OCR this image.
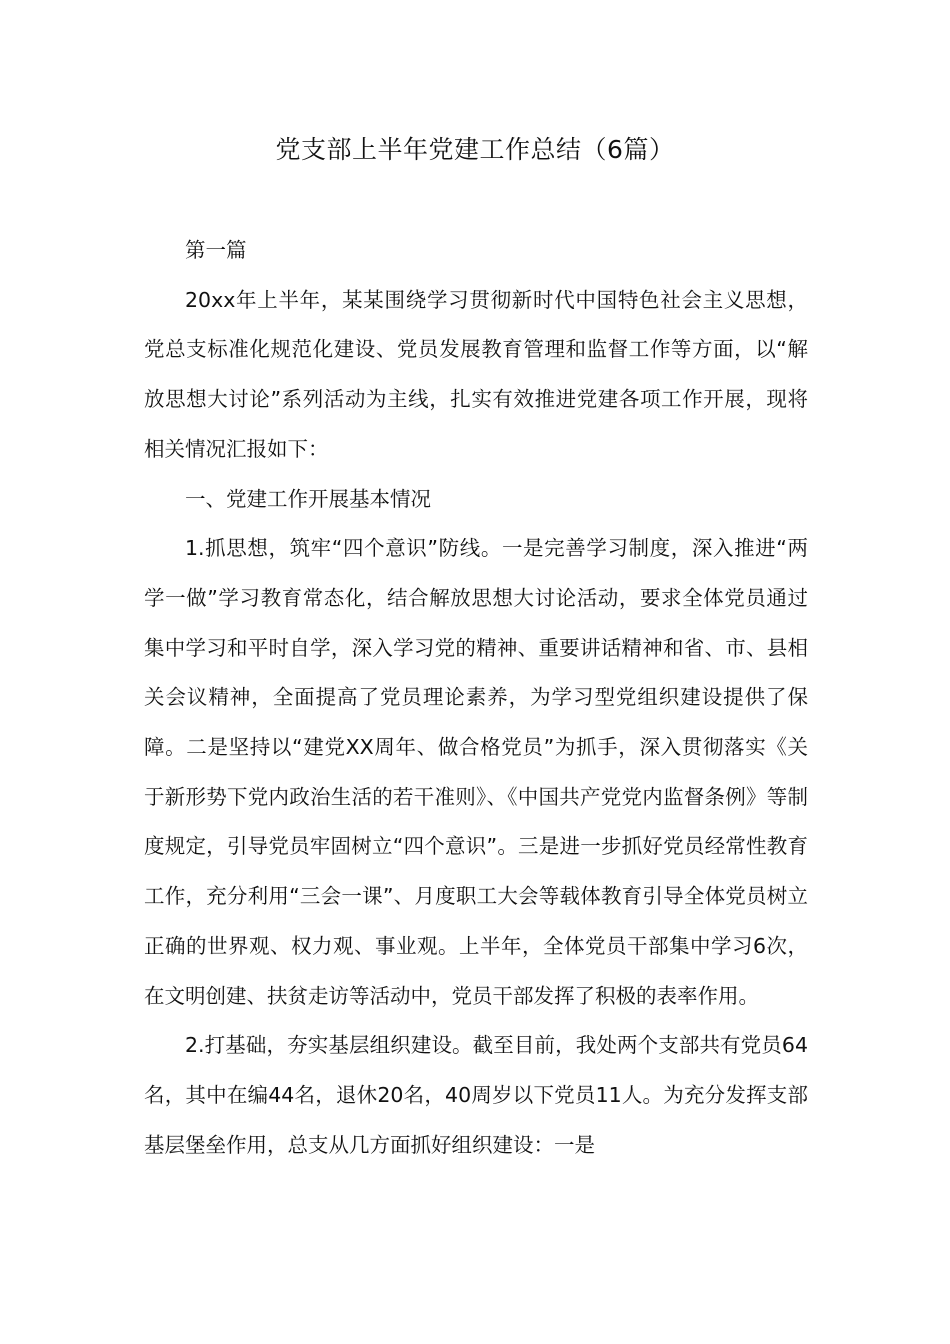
党支部上半年党建工作总结（6篇）

第一篇

20xx年上半年，某某围绕学习贯彻新时代中国特色社会主义思想，党总支标准化规范化建设、党员发展教育管理和监督工作等方面，以“解放思想大讨论”系列活动为主线，扎实有效推进党建各项工作开展，现将相关情况汇报如下：

一、党建工作开展基本情况

1.抓思想，筑牢“四个意识”防线。一是完善学习制度，深入推进“两学一做”学习教育常态化，结合解放思想大讨论活动，要求全体党员通过集中学习和平时自学，深入学习党的精神、重要讲话精神和省、市、县相关会议精神，全面提高了党员理论素养，为学习型党组织建设提供了保障。二是坚持以“建党XX周年、做合格党员”为抓手，深入贯彻落实《关于新形势下党内政治生活的若干准则》、《中国共产党党内监督条例》等制度规定，引导党员牢固树立“四个意识”。三是进一步抓好党员经常性教育工作，充分利用“三会一课”、月度职工大会等载体教育引导全体党员树立正确的世界观、权力观、事业观。上半年，全体党员干部集中学习6次，在文明创建、扶贫走访等活动中，党员干部发挥了积极的表率作用。

2.打基础，夯实基层组织建设。截至目前，我处两个支部共有党员64名，其中在编44名，退休20名，40周岁以下党员11人。为充分发挥支部基层堡垒作用，总支从几方面抓好组织建设：一是
